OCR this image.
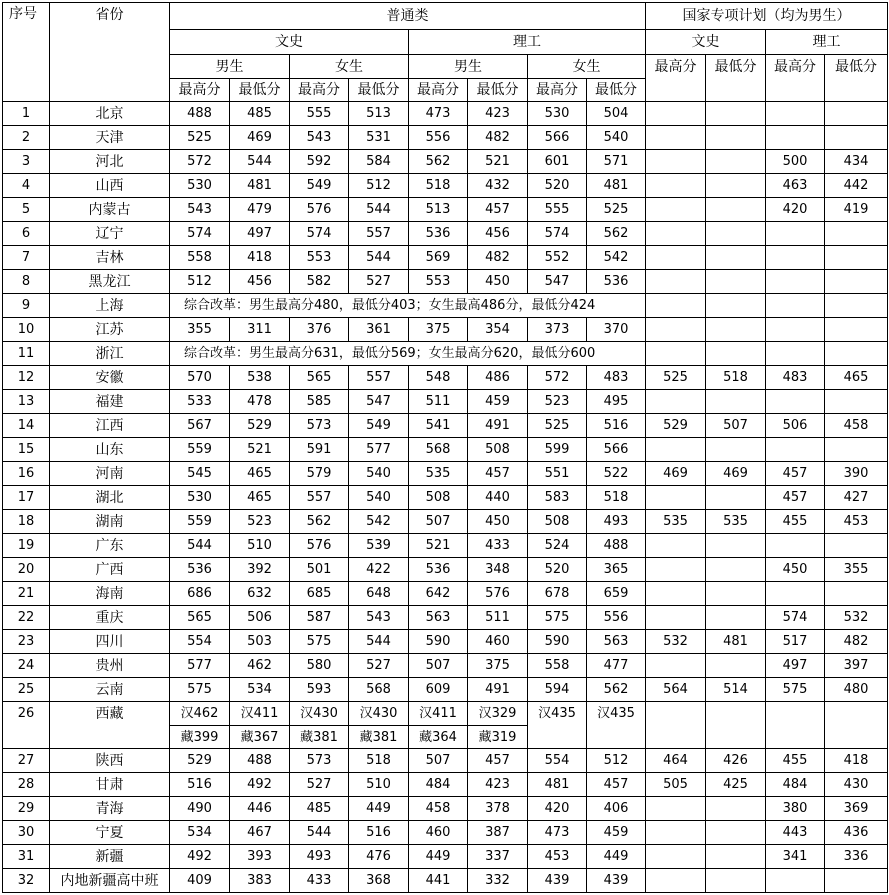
序号	省份	普通类								国家专项计划（均为男生）			
		文史				理工				文史		理工	
		男生		女生		男生		女生		最高分	最低分	最高分	最低分
		最高分	最低分	最高分	最低分	最高分	最低分	最高分	最低分				
1	北京	488	485	555	513	473	423	530	504				
2	天津	525	469	543	531	556	482	566	540				
3	河北	572	544	592	584	562	521	601	571			500	434
4	山西	530	481	549	512	518	432	520	481			463	442
5	内蒙古	543	479	576	544	513	457	555	525			420	419
6	辽宁	574	497	574	557	536	456	574	562				
7	吉林	558	418	553	544	569	482	552	542				
8	黑龙江	512	456	582	527	553	450	547	536				
9	上海	综合改革：男生最高分480，最低分403；女生最高486分，最低分424											
10	江苏	355	311	376	361	375	354	373	370				
11	浙江	综合改革：男生最高分631，最低分569；女生最高分620，最低分600											
12	安徽	570	538	565	557	548	486	572	483	525	518	483	465
13	福建	533	478	585	547	511	459	523	495				
14	江西	567	529	573	549	541	491	525	516	529	507	506	458
15	山东	559	521	591	577	568	508	599	566				
16	河南	545	465	579	540	535	457	551	522	469	469	457	390
17	湖北	530	465	557	540	508	440	583	518			457	427
18	湖南	559	523	562	542	507	450	508	493	535	535	455	453
19	广东	544	510	576	539	521	433	524	488				
20	广西	536	392	501	422	536	348	520	365			450	355
21	海南	686	632	685	648	642	576	678	659				
22	重庆	565	506	587	543	563	511	575	556			574	532
23	四川	554	503	575	544	590	460	590	563	532	481	517	482
24	贵州	577	462	580	527	507	375	558	477			497	397
25	云南	575	534	593	568	609	491	594	562	564	514	575	480
26	西藏	汉462	汉411	汉430	汉430	汉411	汉329	汉435	汉435				
		藏399	藏367	藏381	藏381	藏364	藏319						
27	陕西	529	488	573	518	507	457	554	512	464	426	455	418
28	甘肃	516	492	527	510	484	423	481	457	505	425	484	430
29	青海	490	446	485	449	458	378	420	406			380	369
30	宁夏	534	467	544	516	460	387	473	459			443	436
31	新疆	492	393	493	476	449	337	453	449			341	336
32	内地新疆高中班	409	383	433	368	441	332	439	439				
